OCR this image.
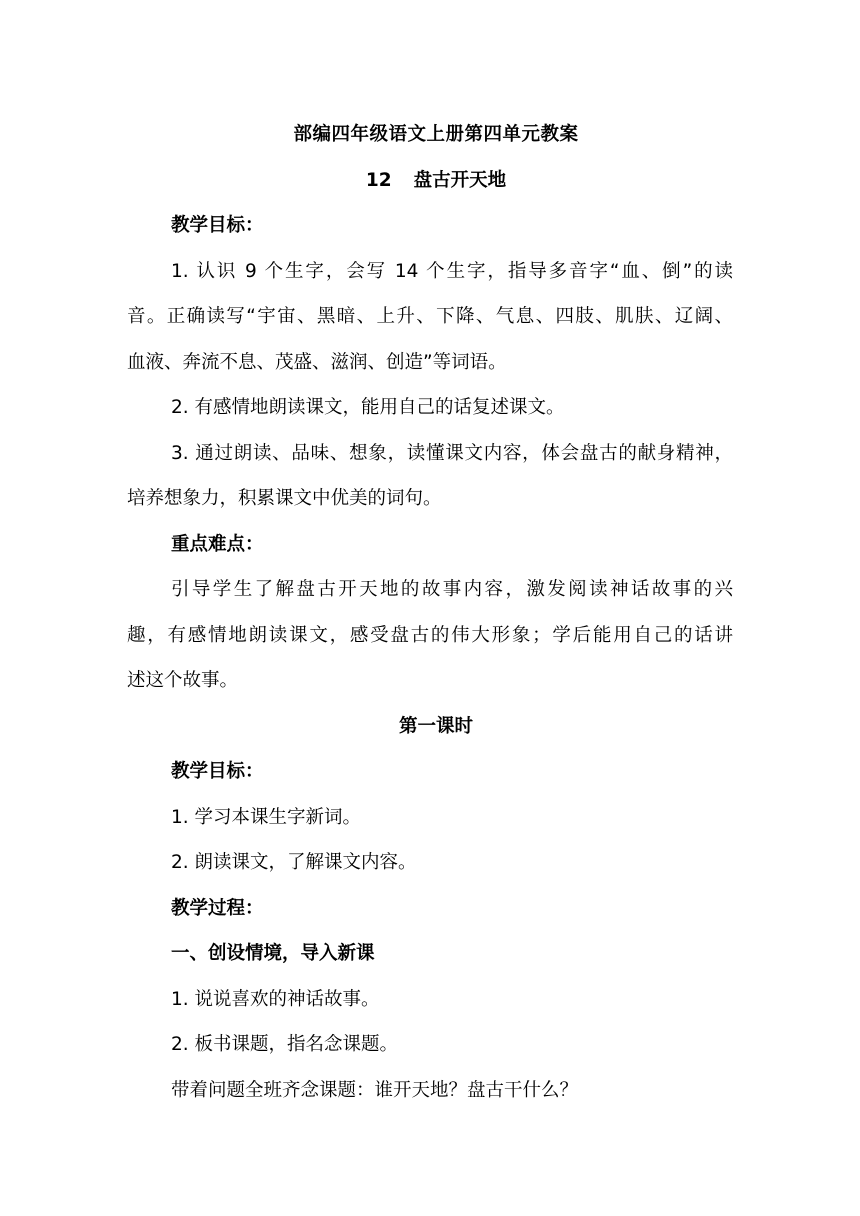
部编四年级语文上册第四单元教案

12 盘古开天地

教学目标：

1. 认识 9 个生字，会写 14 个生字，指导多音字“血、倒”的读

音。正确读写“宇宙、黑暗、上升、下降、气息、四肢、肌肤、辽阔、

血液、奔流不息、茂盛、滋润、创造”等词语。

2. 有感情地朗读课文，能用自己的话复述课文。

3. 通过朗读、品味、想象，读懂课文内容，体会盘古的献身精神，

培养想象力，积累课文中优美的词句。

重点难点：

引导学生了解盘古开天地的故事内容，激发阅读神话故事的兴

趣，有感情地朗读课文，感受盘古的伟大形象；学后能用自己的话讲

述这个故事。

第一课时

教学目标：

1. 学习本课生字新词。

2. 朗读课文，了解课文内容。

教学过程：

一、创设情境，导入新课

1. 说说喜欢的神话故事。

2. 板书课题，指名念课题。

带着问题全班齐念课题：谁开天地？盘古干什么？
